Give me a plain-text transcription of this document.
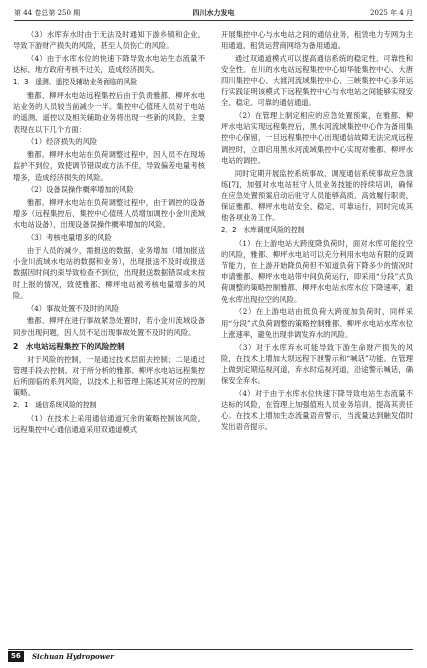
第 44 卷总第 250 期	四川水力发电	2025 年 4 月

（3）水库弃水时由于无法及时通知下游乡镇和企业，导致下游财产损失的风险，甚至人员伤亡的风险。

（4）由于水库水位的快速下降导致水电站生态流量不达标，地方政府考核不过关，造成经济损失。

1．3　遥测、遥控及辅助业务面临的风险

雅都、柳坪水电站远程集控后由于负责雅都、柳坪水电站业务的人员较当前减少一半。集控中心值班人员对于电站的遥测、遥控以及相关辅助业务将出现一些新的风险，主要表现在以下几个方面：

（1）经济损失的风险

雅都、柳坪水电站在负荷调整过程中，因人员不在现场监护不到位，致使调节错误或方法不佳，导致偏差电量考核增多，造成经济损失的风险。

（2）设备误操作概率增加的风险

雅都、柳坪水电站在负荷调整过程中，由于调控的设备增多（远程集控后，集控中心值班人员增加调控小金川流域水电站设备），出现设备误操作概率增加的风险。

（3）考核电量增多的风险

由于人员的减少，需报送的数据、业务增加（增加报送小金川流域水电站的数据和业务），出现报送不及时或报送数据因时间约束导致检查不到位，出现报送数据错误或未按时上报的情况，致使雅都、柳坪电站被考核电量增多的风险。

（4）事故处置不及时的风险

雅都、柳坪在进行事故紧急处置时，若小金川流域设备同步出现问题，因人员不足出现事故处置不及时的风险。

2　水电站远程集控下的风险控制

对于风险的控制，一是通过技术层面去控制；二是通过管理手段去控制。对于所分析的雅都、柳坪水电站远程集控后所面临的系列风险，以技术上和管理上陈述其对应的控制策略。

2．1　通信系统风险的控制

（1）在技术上采用通信通道冗余的策略控制该风险。远程集控中心通信通道采用双通道模式

开展集控中心与水电站之间的通信业务，租赁电力专网为主用通道，租赁运营商网络为备用通道。

通过双通道模式可以提高通信系统的稳定性、可靠性和安全性。在川的水电站远程集控中心如华能集控中心、大唐四川集控中心、大渡河流域集控中心、三峡集控中心多年运行实践证明该模式下远程集控中心与水电站之间能够实现安全、稳定、可靠的通信通道。

（2）在管理上制定相应的应急处置预案，在雅都、柳坪水电站实现远程集控后，黑水河流域集控中心作为备用集控中心保留，一旦远程集控中心出现通信故障无法完成远程调控时，立即启用黑水河流域集控中心实现对雅都、柳坪水电站的调控。

同时定期开展监控系统事故、调度通信系统事故应急演练[7]，加强对水电站驻守人员业务技能的持续培训，确保在应急处置预案启动后驻守人员能够高质、高效履行职责，保证雅都、柳坪水电站安全、稳定、可靠运行，同时完成其他各项业务工作。

2．2　水库调度风险的控制

（1）在上游电站大跨度降负荷时，面对水库可能拉空的风险，雅都、柳坪水电站可以充分利用水电站有限的反调节能力，在上游开始降负荷但不知道负荷下降多少的情况时申请雅都、柳坪水电站带中间负荷运行，即采用“分段”式负荷调整的策略控制雅都、柳坪水电站水库水位下降速率，避免水库出现拉空的风险。

（2）在上游电站由低负荷大跨度加负荷时，同样采用“分段”式负荷调整的策略控制雅都、柳坪水电站水库水位上涨速率，避免出现非调发弃水的风险。

（3）对于水库弃水可能导致下游生命财产损失的风险，在技术上增加大坝远程下泄警示和“喊话”功能。在管理上做到定期巡视河道，弃水时巡视河道，沿途警示喊话，确保安全弃水。

（4）对于由于水库水位快速下降导致电站生态流量不达标的风险，在管理上加强值班人员业务培训，提高其责任心。在技术上增加生态流量语音警示，当流量达到触发值时发出语音提示。

56	Sichuan Hydropower
